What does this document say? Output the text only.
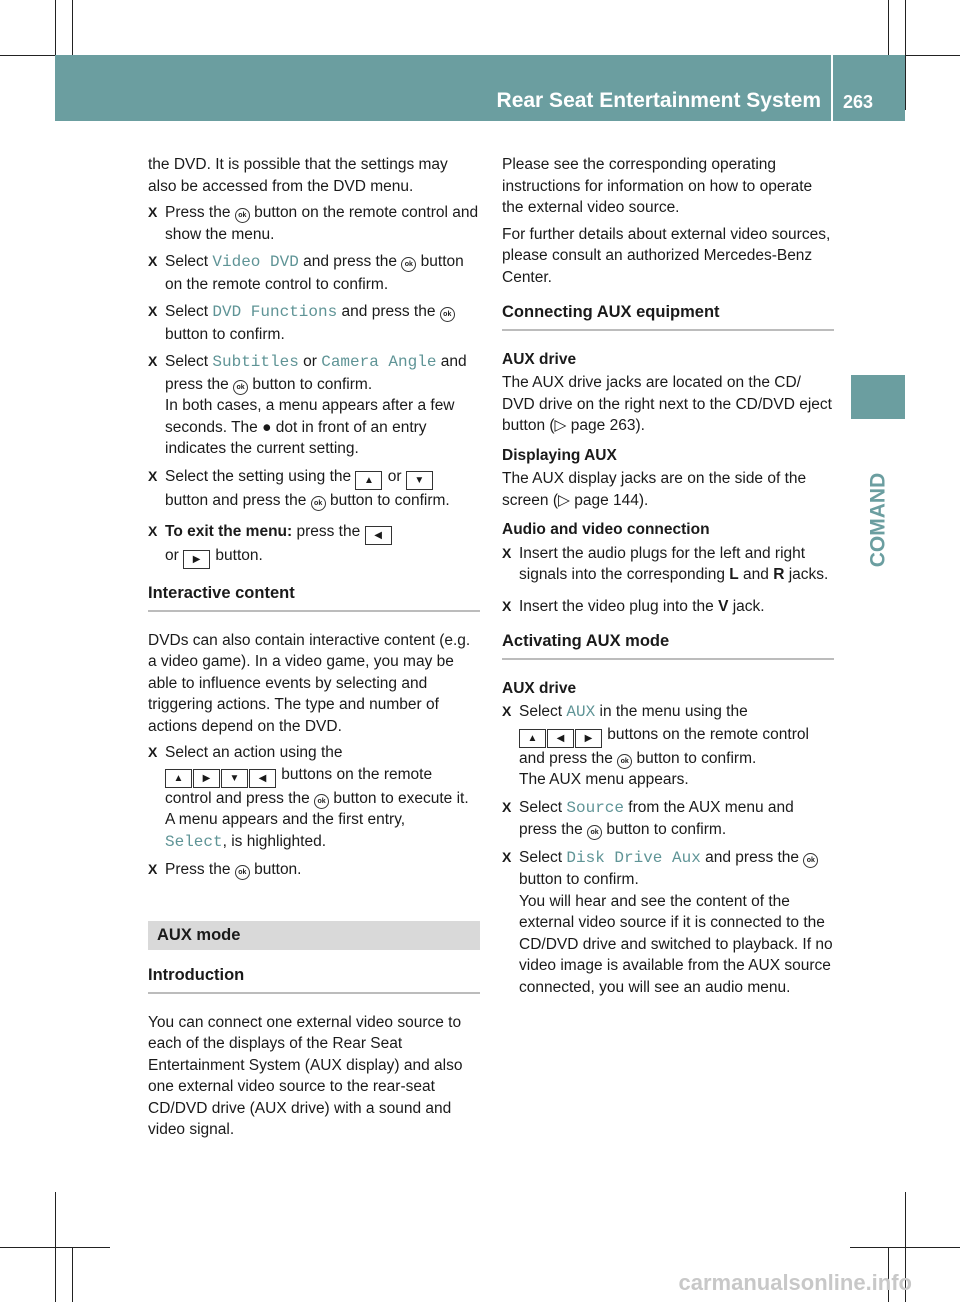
Rear Seat Entertainment System	263
COMAND

the DVD. It is possible that the settings may also be accessed from the DVD menu.

X Press the ok button on the remote control and show the menu.
X Select Video DVD and press the ok button on the remote control to confirm.
X Select DVD Functions and press the ok button to confirm.
X Select Subtitles or Camera Angle and press the ok button to confirm.
In both cases, a menu appears after a few seconds. The ● dot in front of an entry indicates the current setting.
X Select the setting using the ▲ or ▼ button and press the ok button to confirm.
X To exit the menu: press the ◀
or ▶ button.
Interactive content

DVDs can also contain interactive content (e.g. a video game). In a video game, you may be able to influence events by selecting and triggering actions. The type and number of actions depend on the DVD.

X Select an action using the
▲ ▶ ▼ ◀ buttons on the remote control and press the ok button to execute it.
A menu appears and the first entry,
Select, is highlighted.
X Press the ok button.
AUX mode
Introduction

You can connect one external video source to each of the displays of the Rear Seat Entertainment System (AUX display) and also one external video source to the rear-seat CD/DVD drive (AUX drive) with a sound and video signal.

Please see the corresponding operating instructions for information on how to operate the external video source.

For further details about external video sources, please consult an authorized Mercedes-Benz Center.

Connecting AUX equipment
AUX drive

The AUX drive jacks are located on the CD/ DVD drive on the right next to the CD/DVD eject button (▷ page 263).

Displaying AUX

The AUX display jacks are on the side of the screen (▷ page 144).

Audio and video connection
X Insert the audio plugs for the left and right signals into the corresponding L and R jacks.
X Insert the video plug into the V jack.
Activating AUX mode
AUX drive
X Select AUX in the menu using the
▲ ◀ ▶ buttons on the remote control and press the ok button to confirm.
The AUX menu appears.
X Select Source from the AUX menu and press the ok button to confirm.
X Select Disk Drive Aux and press the ok button to confirm.
You will hear and see the content of the external video source if it is connected to the CD/DVD drive and switched to playback. If no video image is available from the AUX source connected, you will see an audio menu.
carmanualsonline.info
